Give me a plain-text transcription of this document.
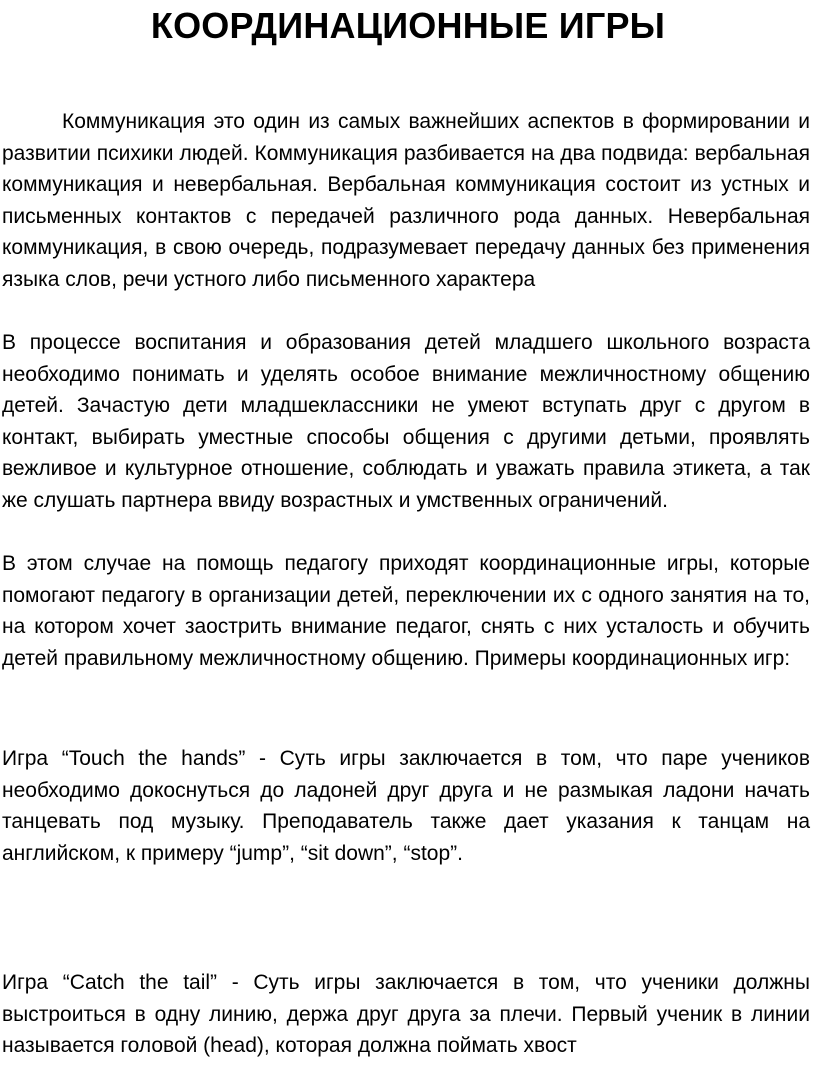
КООРДИНАЦИОННЫЕ ИГРЫ

Коммуникация это один из самых важнейших аспектов в формировании и развитии психики людей. Коммуникация разбивается на два подвида: вербальная коммуникация и невербальная. Вербальная коммуникация состоит из устных и письменных контактов с передачей различного рода данных. Невербальная коммуникация, в свою очередь, подразумевает передачу данных без применения языка слов, речи устного либо письменного характера

В процессе воспитания и образования детей младшего школьного возраста необходимо понимать и уделять особое внимание межличностному общению детей. Зачастую дети младшеклассники не умеют вступать друг с другом в контакт, выбирать уместные способы общения с другими детьми, проявлять вежливое и культурное отношение, соблюдать и уважать правила этикета, а так же слушать партнера ввиду возрастных и умственных ограничений.

В этом случае на помощь педагогу приходят координационные игры, которые помогают педагогу в организации детей, переключении их с одного занятия на то, на котором хочет заострить внимание педагог, снять с них усталость и обучить детей правильному межличностному общению. Примеры координационных игр:

Игра “Touch the hands” - Суть игры заключается в том, что паре учеников необходимо докоснуться до ладоней друг друга и не размыкая ладони начать танцевать под музыку. Преподаватель также дает указания к танцам на английском, к примеру “jump”, “sit down”, “stop”.

Игра “Catch the tail” - Суть игры заключается в том, что ученики должны выстроиться в одну линию, держа друг друга за плечи. Первый ученик в линии называется головой (head), которая должна поймать хвост
